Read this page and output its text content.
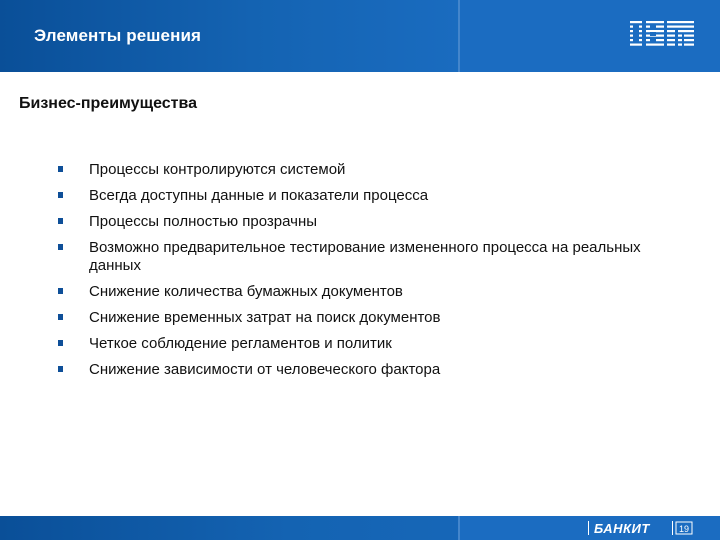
Элементы решения	IBM
Бизнес-преимущества
Процессы контролируются системой
Всегда доступны данные и показатели процесса
Процессы полностью прозрачны
Возможно предварительное тестирование измененного процесса на реальных данных
Снижение количества бумажных документов
Снижение временных затрат на поиск документов
Четкое соблюдение регламентов и политик
Снижение зависимости от человеческого фактора
БАНКИТ	19
